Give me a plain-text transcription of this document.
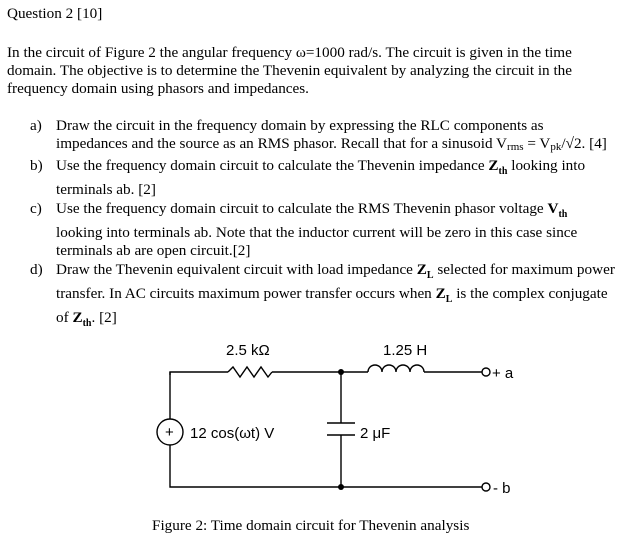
Question 2 [10]
In the circuit of Figure 2 the angular frequency ω=1000 rad/s. The circuit is given in the time domain. The objective is to determine the Thevenin equivalent by analyzing the circuit in the frequency domain using phasors and impedances.
a) Draw the circuit in the frequency domain by expressing the RLC components as impedances and the source as an RMS phasor. Recall that for a sinusoid $V_{rms} = V_{pk}/√2$. [4]
b) Use the frequency domain circuit to calculate the Thevenin impedance $Z_{th}$ looking into terminals ab. [2]
c) Use the frequency domain circuit to calculate the RMS Thevenin phasor voltage $V_{th}$ looking into terminals ab. Note that the inductor current will be zero in this case since terminals ab are open circuit.[2]
d) Draw the Thevenin equivalent circuit with load impedance $Z_L$ selected for maximum power transfer. In AC circuits maximum power transfer occurs when $Z_L$ is the complex conjugate of $Z_{th}$. [2]
2.5 kΩ	1.25 H
+ 12 cos(ωt) V	2 μF
+ a
- b
Figure 2: Time domain circuit for Thevenin analysis
